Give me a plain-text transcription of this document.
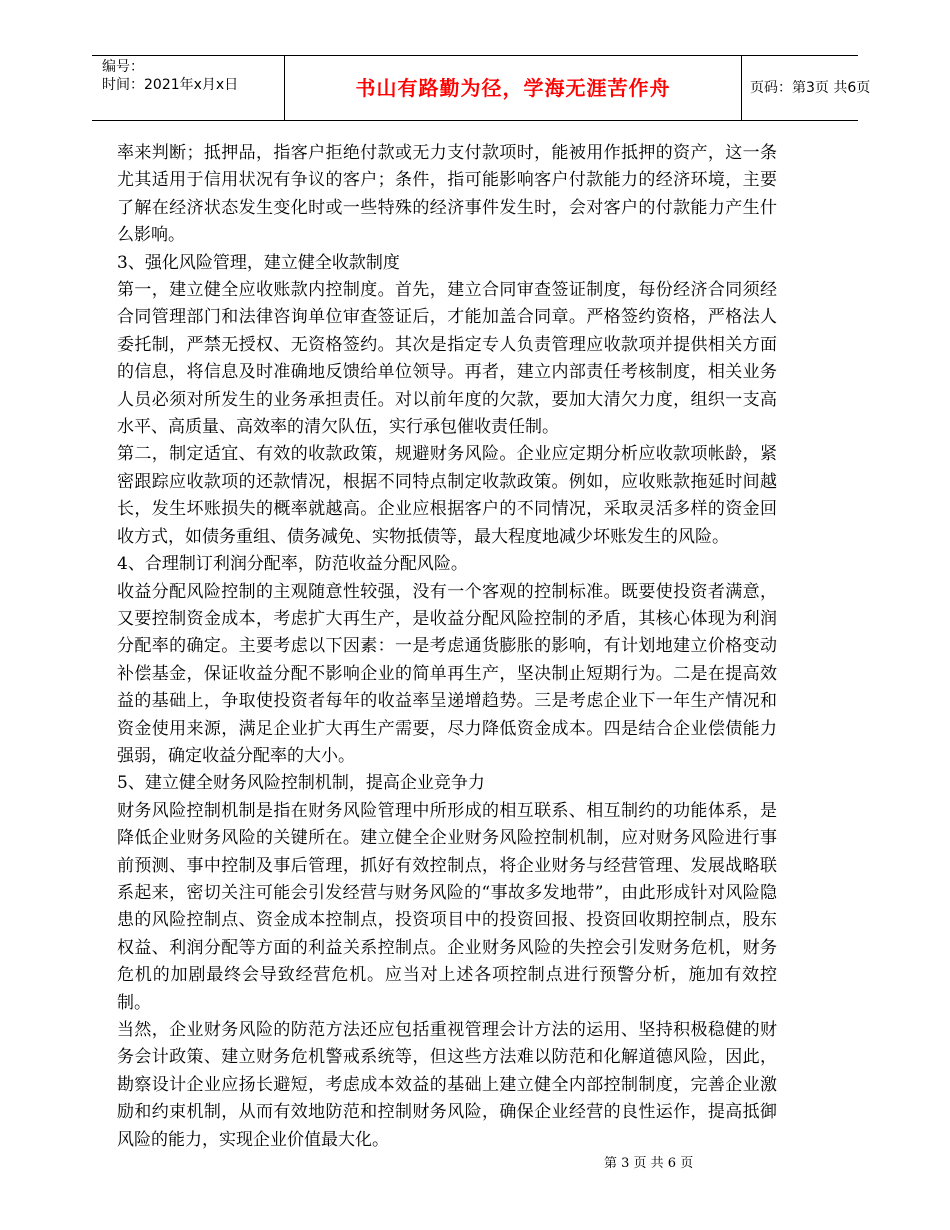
编号：
时间：2021年x月x日	书山有路勤为径，学海无涯苦作舟	页码：第3页 共6页

率来判断；抵押品，指客户拒绝付款或无力支付款项时，能被用作抵押的资产，这一条尤其适用于信用状况有争议的客户；条件，指可能影响客户付款能力的经济环境，主要了解在经济状态发生变化时或一些特殊的经济事件发生时，会对客户的付款能力产生什么影响。

3、强化风险管理，建立健全收款制度

第一，建立健全应收账款内控制度。首先，建立合同审查签证制度，每份经济合同须经合同管理部门和法律咨询单位审查签证后，才能加盖合同章。严格签约资格，严格法人委托制，严禁无授权、无资格签约。其次是指定专人负责管理应收款项并提供相关方面的信息，将信息及时准确地反馈给单位领导。再者，建立内部责任考核制度，相关业务人员必须对所发生的业务承担责任。对以前年度的欠款，要加大清欠力度，组织一支高水平、高质量、高效率的清欠队伍，实行承包催收责任制。

第二，制定适宜、有效的收款政策，规避财务风险。企业应定期分析应收款项帐龄，紧密跟踪应收款项的还款情况，根据不同特点制定收款政策。例如，应收账款拖延时间越长，发生坏账损失的概率就越高。企业应根据客户的不同情况，采取灵活多样的资金回收方式，如债务重组、债务减免、实物抵债等，最大程度地减少坏账发生的风险。

4、合理制订利润分配率，防范收益分配风险。

收益分配风险控制的主观随意性较强，没有一个客观的控制标准。既要使投资者满意，又要控制资金成本，考虑扩大再生产，是收益分配风险控制的矛盾，其核心体现为利润分配率的确定。主要考虑以下因素：一是考虑通货膨胀的影响，有计划地建立价格变动补偿基金，保证收益分配不影响企业的简单再生产，坚决制止短期行为。二是在提高效益的基础上，争取使投资者每年的收益率呈递增趋势。三是考虑企业下一年生产情况和资金使用来源，满足企业扩大再生产需要，尽力降低资金成本。四是结合企业偿债能力强弱，确定收益分配率的大小。

5、建立健全财务风险控制机制，提高企业竞争力

财务风险控制机制是指在财务风险管理中所形成的相互联系、相互制约的功能体系，是降低企业财务风险的关键所在。建立健全企业财务风险控制机制，应对财务风险进行事前预测、事中控制及事后管理，抓好有效控制点，将企业财务与经营管理、发展战略联系起来，密切关注可能会引发经营与财务风险的“事故多发地带”，由此形成针对风险隐患的风险控制点、资金成本控制点，投资项目中的投资回报、投资回收期控制点，股东权益、利润分配等方面的利益关系控制点。企业财务风险的失控会引发财务危机，财务危机的加剧最终会导致经营危机。应当对上述各项控制点进行预警分析，施加有效控制。

当然，企业财务风险的防范方法还应包括重视管理会计方法的运用、坚持积极稳健的财务会计政策、建立财务危机警戒系统等，但这些方法难以防范和化解道德风险，因此，勘察设计企业应扬长避短，考虑成本效益的基础上建立健全内部控制制度，完善企业激励和约束机制，从而有效地防范和控制财务风险，确保企业经营的良性运作，提高抵御风险的能力，实现企业价值最大化。

第 3 页 共 6 页
